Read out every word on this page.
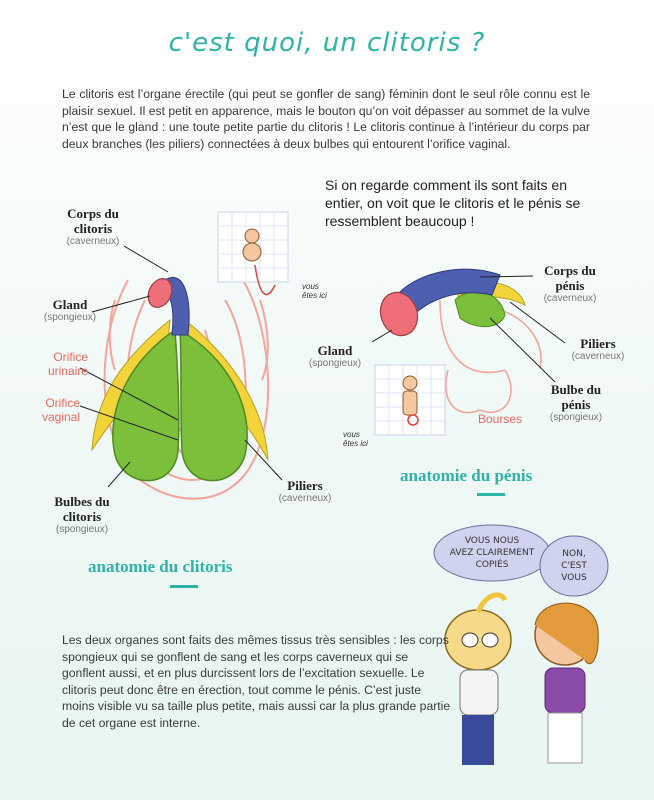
c'est quoi, un clitoris ?
Le clitoris est l’organe érectile (qui peut se gonfler de sang) féminin dont le seul rôle connu est le plaisir sexuel. Il est petit en apparence, mais le bouton qu’on voit dépasser au sommet de la vulve n’est que le gland : une toute petite partie du clitoris ! Le clitoris continue à l’intérieur du corps par deux branches (les piliers) connectées à deux bulbes qui entourent l’orifice vaginal.
Si on regarde comment ils sont faits en entier, on voit que le clitoris et le pénis se ressemblent beaucoup !
VOUS NOUS
AVEZ CLAIREMENT
COPIÉS
NON,
C'EST
VOUS
Corps du clitoris
(caverneux)
Gland
(spongieux)
Orifice urinaire
Orifice vaginal
Bulbes du clitoris
(spongieux)
Piliers
(caverneux)
vous êtes ici
anatomie du clitoris
Corps du pénis
(caverneux)
Gland
(spongieux)
Piliers
(caverneux)
Bulbe du pénis
(spongieux)
Bourses
vous êtes ici
anatomie du pénis
Les deux organes sont faits des mêmes tissus très sensibles : les corps spongieux qui se gonflent de sang et les corps caverneux qui se gonflent aussi, et en plus durcissent lors de l’excitation sexuelle. Le clitoris peut donc être en érection, tout comme le pénis. C’est juste moins visible vu sa taille plus petite, mais aussi car la plus grande partie de cet organe est interne.
